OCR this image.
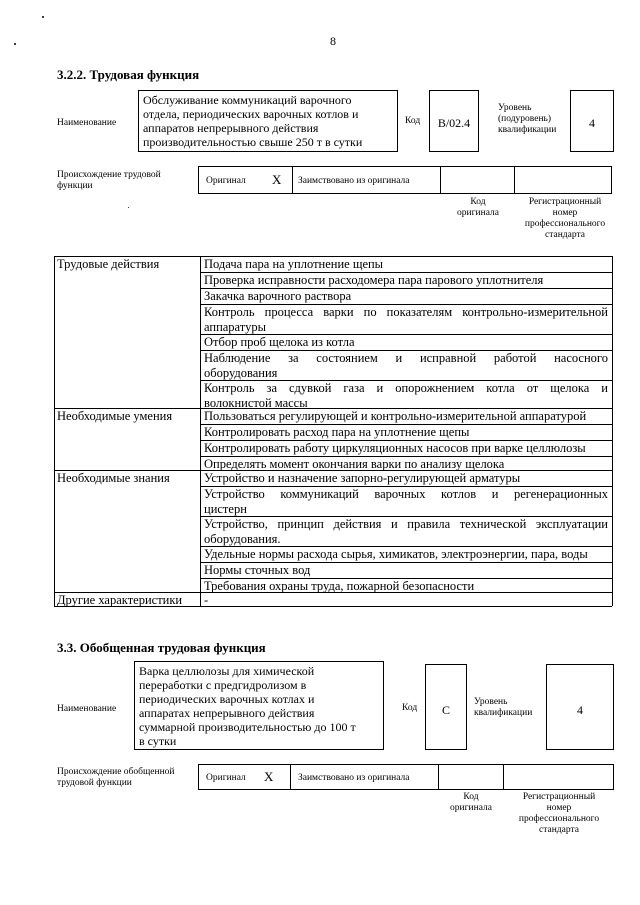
8
3.2.2. Трудовая функция
Наименование
Обслуживание коммуникаций варочного
отдела, периодических варочных котлов и
аппаратов непрерывного действия
производительностью свыше 250 т в сутки
Код	В/02.4
Уровень
(подуровень)
квалификации	4
Происхождение трудовой
функции	Оригинал X Заимствовано из оригинала
Код
оригинала
Регистрационный
номер
профессионального
стандарта
Трудовые действия	Подача пара на уплотнение щепы
Проверка исправности расходомера пара парового уплотнителя
Закачка варочного раствора
Контроль процесса варки по показателям контрольно-измерительной
аппаратуры
Отбор проб щелока из котла
Наблюдение за состоянием и исправной работой насосного
оборудования
Контроль за сдувкой газа и опорожнением котла от щелока и
волокнистой массы
Необходимые умения	Пользоваться регулирующей и контрольно-измерительной аппаратурой
Контролировать расход пара на уплотнение щепы
Контролировать работу циркуляционных насосов при варке целлюлозы
Определять момент окончания варки по анализу щелока
Необходимые знания	Устройство и назначение запорно-регулирующей арматуры
Устройство коммуникаций варочных котлов и регенерационных
цистерн
Устройство, принцип действия и правила технической эксплуатации
оборудования.
Удельные нормы расхода сырья, химикатов, электроэнергии, пара, воды
Нормы сточных вод
Требования охраны труда, пожарной безопасности
Другие характеристики	-
3.3. Обобщенная трудовая функция
Наименование
Варка целлюлозы для химической
переработки с предгидролизом в
периодических варочных котлах и
аппаратах непрерывного действия
суммарной производительностью до 100 т
в сутки
Код	С
Уровень
квалификации	4
Происхождение обобщенной
трудовой функции	Оригинал X	Заимствовано из оригинала
Код
оригинала
Регистрационный
номер
профессионального
стандарта
